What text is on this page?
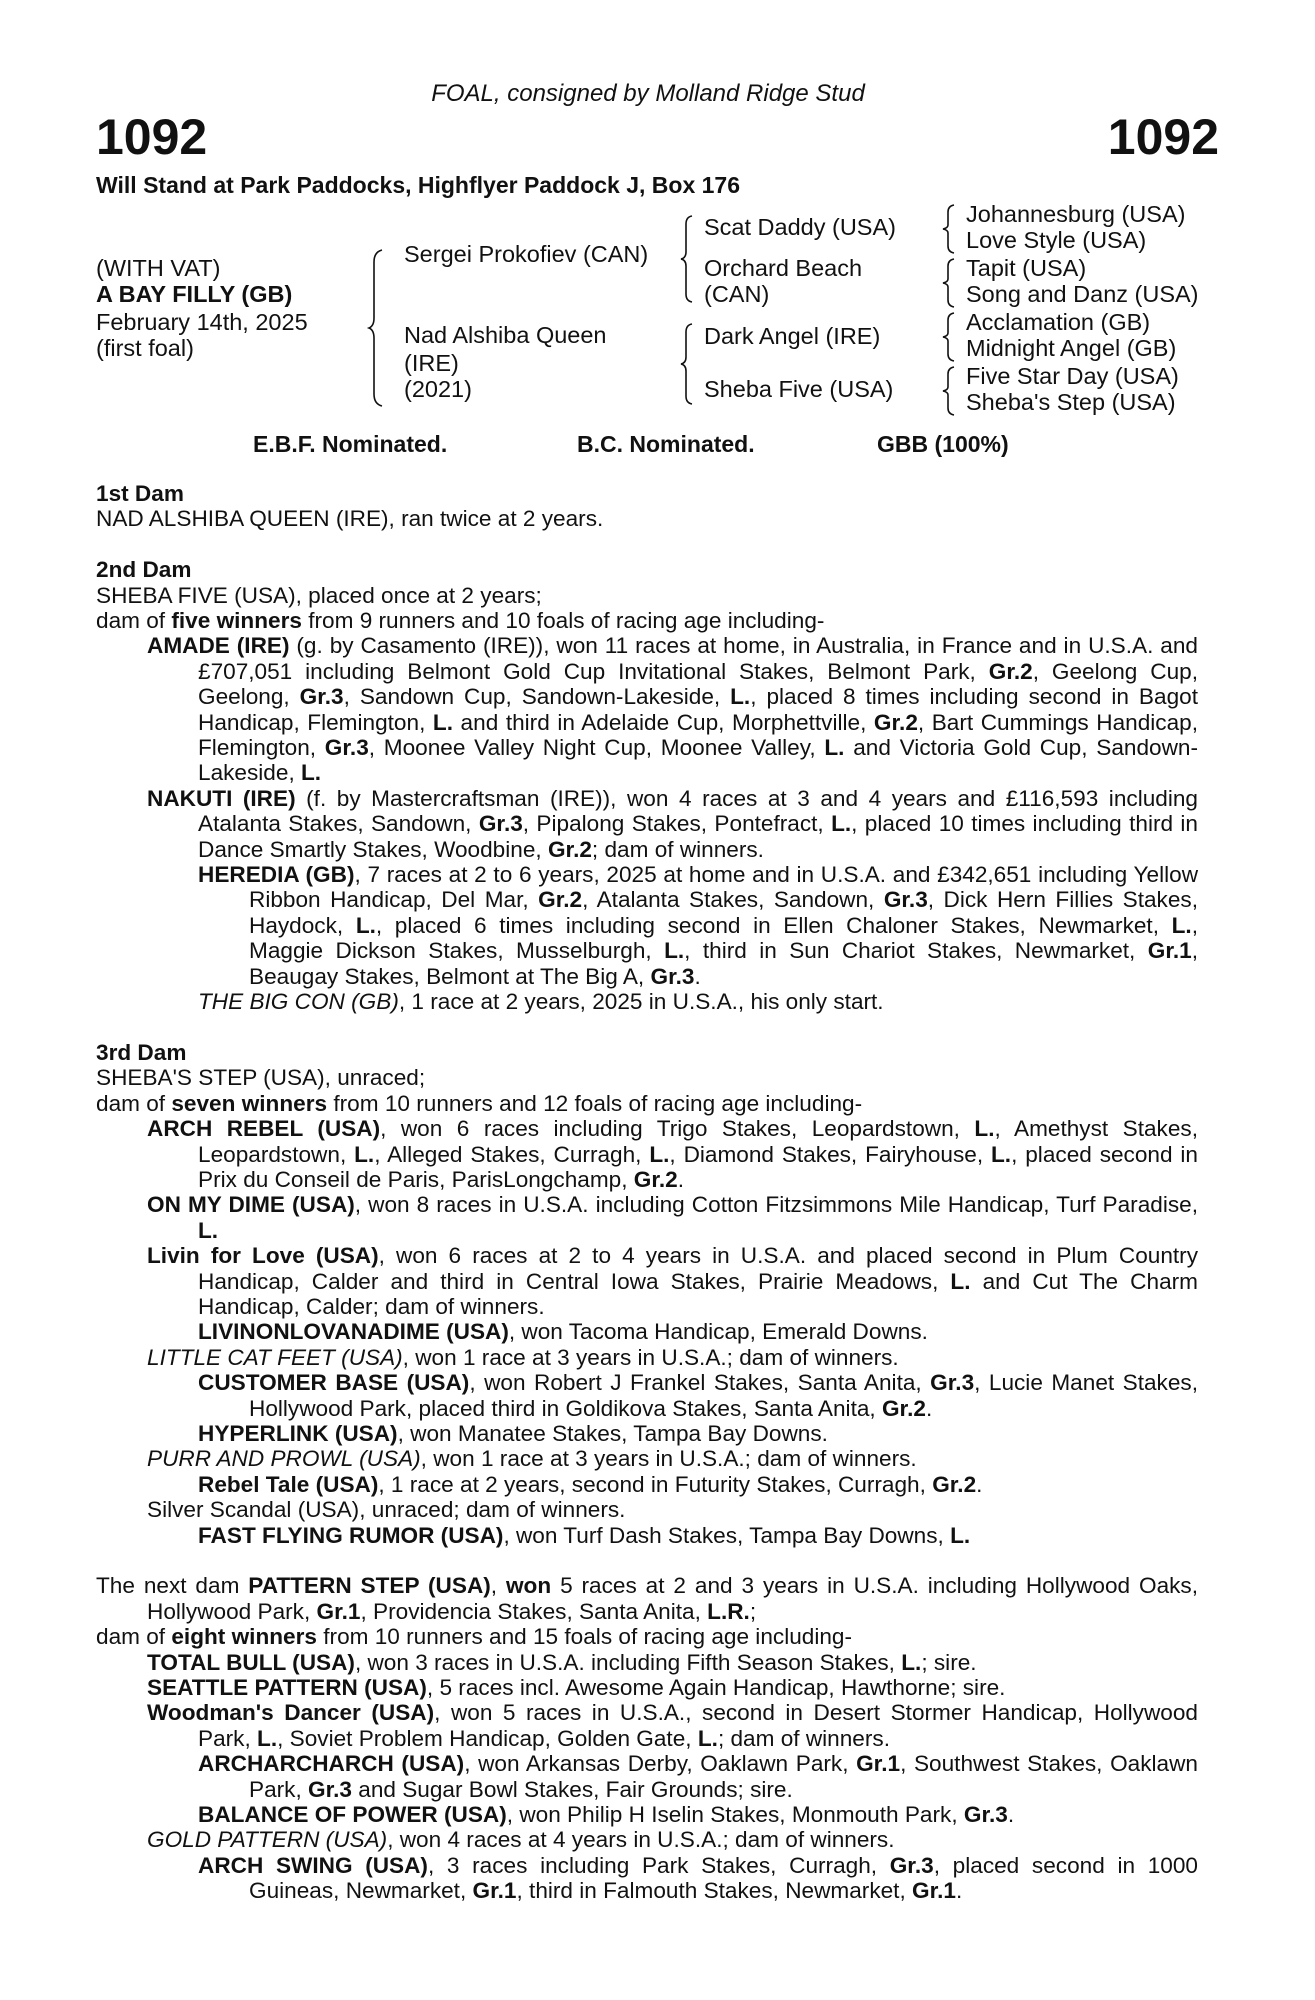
FOAL, consigned by Molland Ridge Stud
1092	1092
Will Stand at Park Paddocks, Highflyer Paddock J, Box 176
(WITH VAT)
A BAY FILLY (GB)
February 14th, 2025
(first foal)
Sergei Prokofiev (CAN)
Nad Alshiba Queen
(IRE)
(2021)
Scat Daddy (USA)
Orchard Beach
(CAN)
Dark Angel (IRE)
Sheba Five (USA)
Johannesburg (USA)
Love Style (USA)
Tapit (USA)
Song and Danz (USA)
Acclamation (GB)
Midnight Angel (GB)
Five Star Day (USA)
Sheba's Step (USA)
E.B.F. Nominated.	B.C. Nominated.	GBB (100%)
1st Dam
NAD ALSHIBA QUEEN (IRE), ran twice at 2 years.
2nd Dam
SHEBA FIVE (USA), placed once at 2 years;
dam of five winners from 9 runners and 10 foals of racing age including-
AMADE (IRE) (g. by Casamento (IRE)), won 11 races at home, in Australia, in France and in U.S.A. and £707,051 including Belmont Gold Cup Invitational Stakes, Belmont Park, Gr.2, Geelong Cup, Geelong, Gr.3, Sandown Cup, Sandown-Lakeside, L., placed 8 times including second in Bagot Handicap, Flemington, L. and third in Adelaide Cup, Morphettville, Gr.2, Bart Cummings Handicap, Flemington, Gr.3, Moonee Valley Night Cup, Moonee Valley, L. and Victoria Gold Cup, Sandown-Lakeside, L.
NAKUTI (IRE) (f. by Mastercraftsman (IRE)), won 4 races at 3 and 4 years and £116,593 including Atalanta Stakes, Sandown, Gr.3, Pipalong Stakes, Pontefract, L., placed 10 times including third in Dance Smartly Stakes, Woodbine, Gr.2; dam of winners.
HEREDIA (GB), 7 races at 2 to 6 years, 2025 at home and in U.S.A. and £342,651 including Yellow Ribbon Handicap, Del Mar, Gr.2, Atalanta Stakes, Sandown, Gr.3, Dick Hern Fillies Stakes, Haydock, L., placed 6 times including second in Ellen Chaloner Stakes, Newmarket, L., Maggie Dickson Stakes, Musselburgh, L., third in Sun Chariot Stakes, Newmarket, Gr.1, Beaugay Stakes, Belmont at The Big A, Gr.3.
THE BIG CON (GB), 1 race at 2 years, 2025 in U.S.A., his only start.
3rd Dam
SHEBA'S STEP (USA), unraced;
dam of seven winners from 10 runners and 12 foals of racing age including-
ARCH REBEL (USA), won 6 races including Trigo Stakes, Leopardstown, L., Amethyst Stakes, Leopardstown, L., Alleged Stakes, Curragh, L., Diamond Stakes, Fairyhouse, L., placed second in Prix du Conseil de Paris, ParisLongchamp, Gr.2.
ON MY DIME (USA), won 8 races in U.S.A. including Cotton Fitzsimmons Mile Handicap, Turf Paradise, L.
Livin for Love (USA), won 6 races at 2 to 4 years in U.S.A. and placed second in Plum Country Handicap, Calder and third in Central Iowa Stakes, Prairie Meadows, L. and Cut The Charm Handicap, Calder; dam of winners.
LIVINONLOVANADIME (USA), won Tacoma Handicap, Emerald Downs.
LITTLE CAT FEET (USA), won 1 race at 3 years in U.S.A.; dam of winners.
CUSTOMER BASE (USA), won Robert J Frankel Stakes, Santa Anita, Gr.3, Lucie Manet Stakes, Hollywood Park, placed third in Goldikova Stakes, Santa Anita, Gr.2.
HYPERLINK (USA), won Manatee Stakes, Tampa Bay Downs.
PURR AND PROWL (USA), won 1 race at 3 years in U.S.A.; dam of winners.
Rebel Tale (USA), 1 race at 2 years, second in Futurity Stakes, Curragh, Gr.2.
Silver Scandal (USA), unraced; dam of winners.
FAST FLYING RUMOR (USA), won Turf Dash Stakes, Tampa Bay Downs, L.
The next dam PATTERN STEP (USA), won 5 races at 2 and 3 years in U.S.A. including Hollywood Oaks, Hollywood Park, Gr.1, Providencia Stakes, Santa Anita, L.R.;
dam of eight winners from 10 runners and 15 foals of racing age including-
TOTAL BULL (USA), won 3 races in U.S.A. including Fifth Season Stakes, L.; sire.
SEATTLE PATTERN (USA), 5 races incl. Awesome Again Handicap, Hawthorne; sire.
Woodman's Dancer (USA), won 5 races in U.S.A., second in Desert Stormer Handicap, Hollywood Park, L., Soviet Problem Handicap, Golden Gate, L.; dam of winners.
ARCHARCHARCH (USA), won Arkansas Derby, Oaklawn Park, Gr.1, Southwest Stakes, Oaklawn Park, Gr.3 and Sugar Bowl Stakes, Fair Grounds; sire.
BALANCE OF POWER (USA), won Philip H Iselin Stakes, Monmouth Park, Gr.3.
GOLD PATTERN (USA), won 4 races at 4 years in U.S.A.; dam of winners.
ARCH SWING (USA), 3 races including Park Stakes, Curragh, Gr.3, placed second in 1000 Guineas, Newmarket, Gr.1, third in Falmouth Stakes, Newmarket, Gr.1.
